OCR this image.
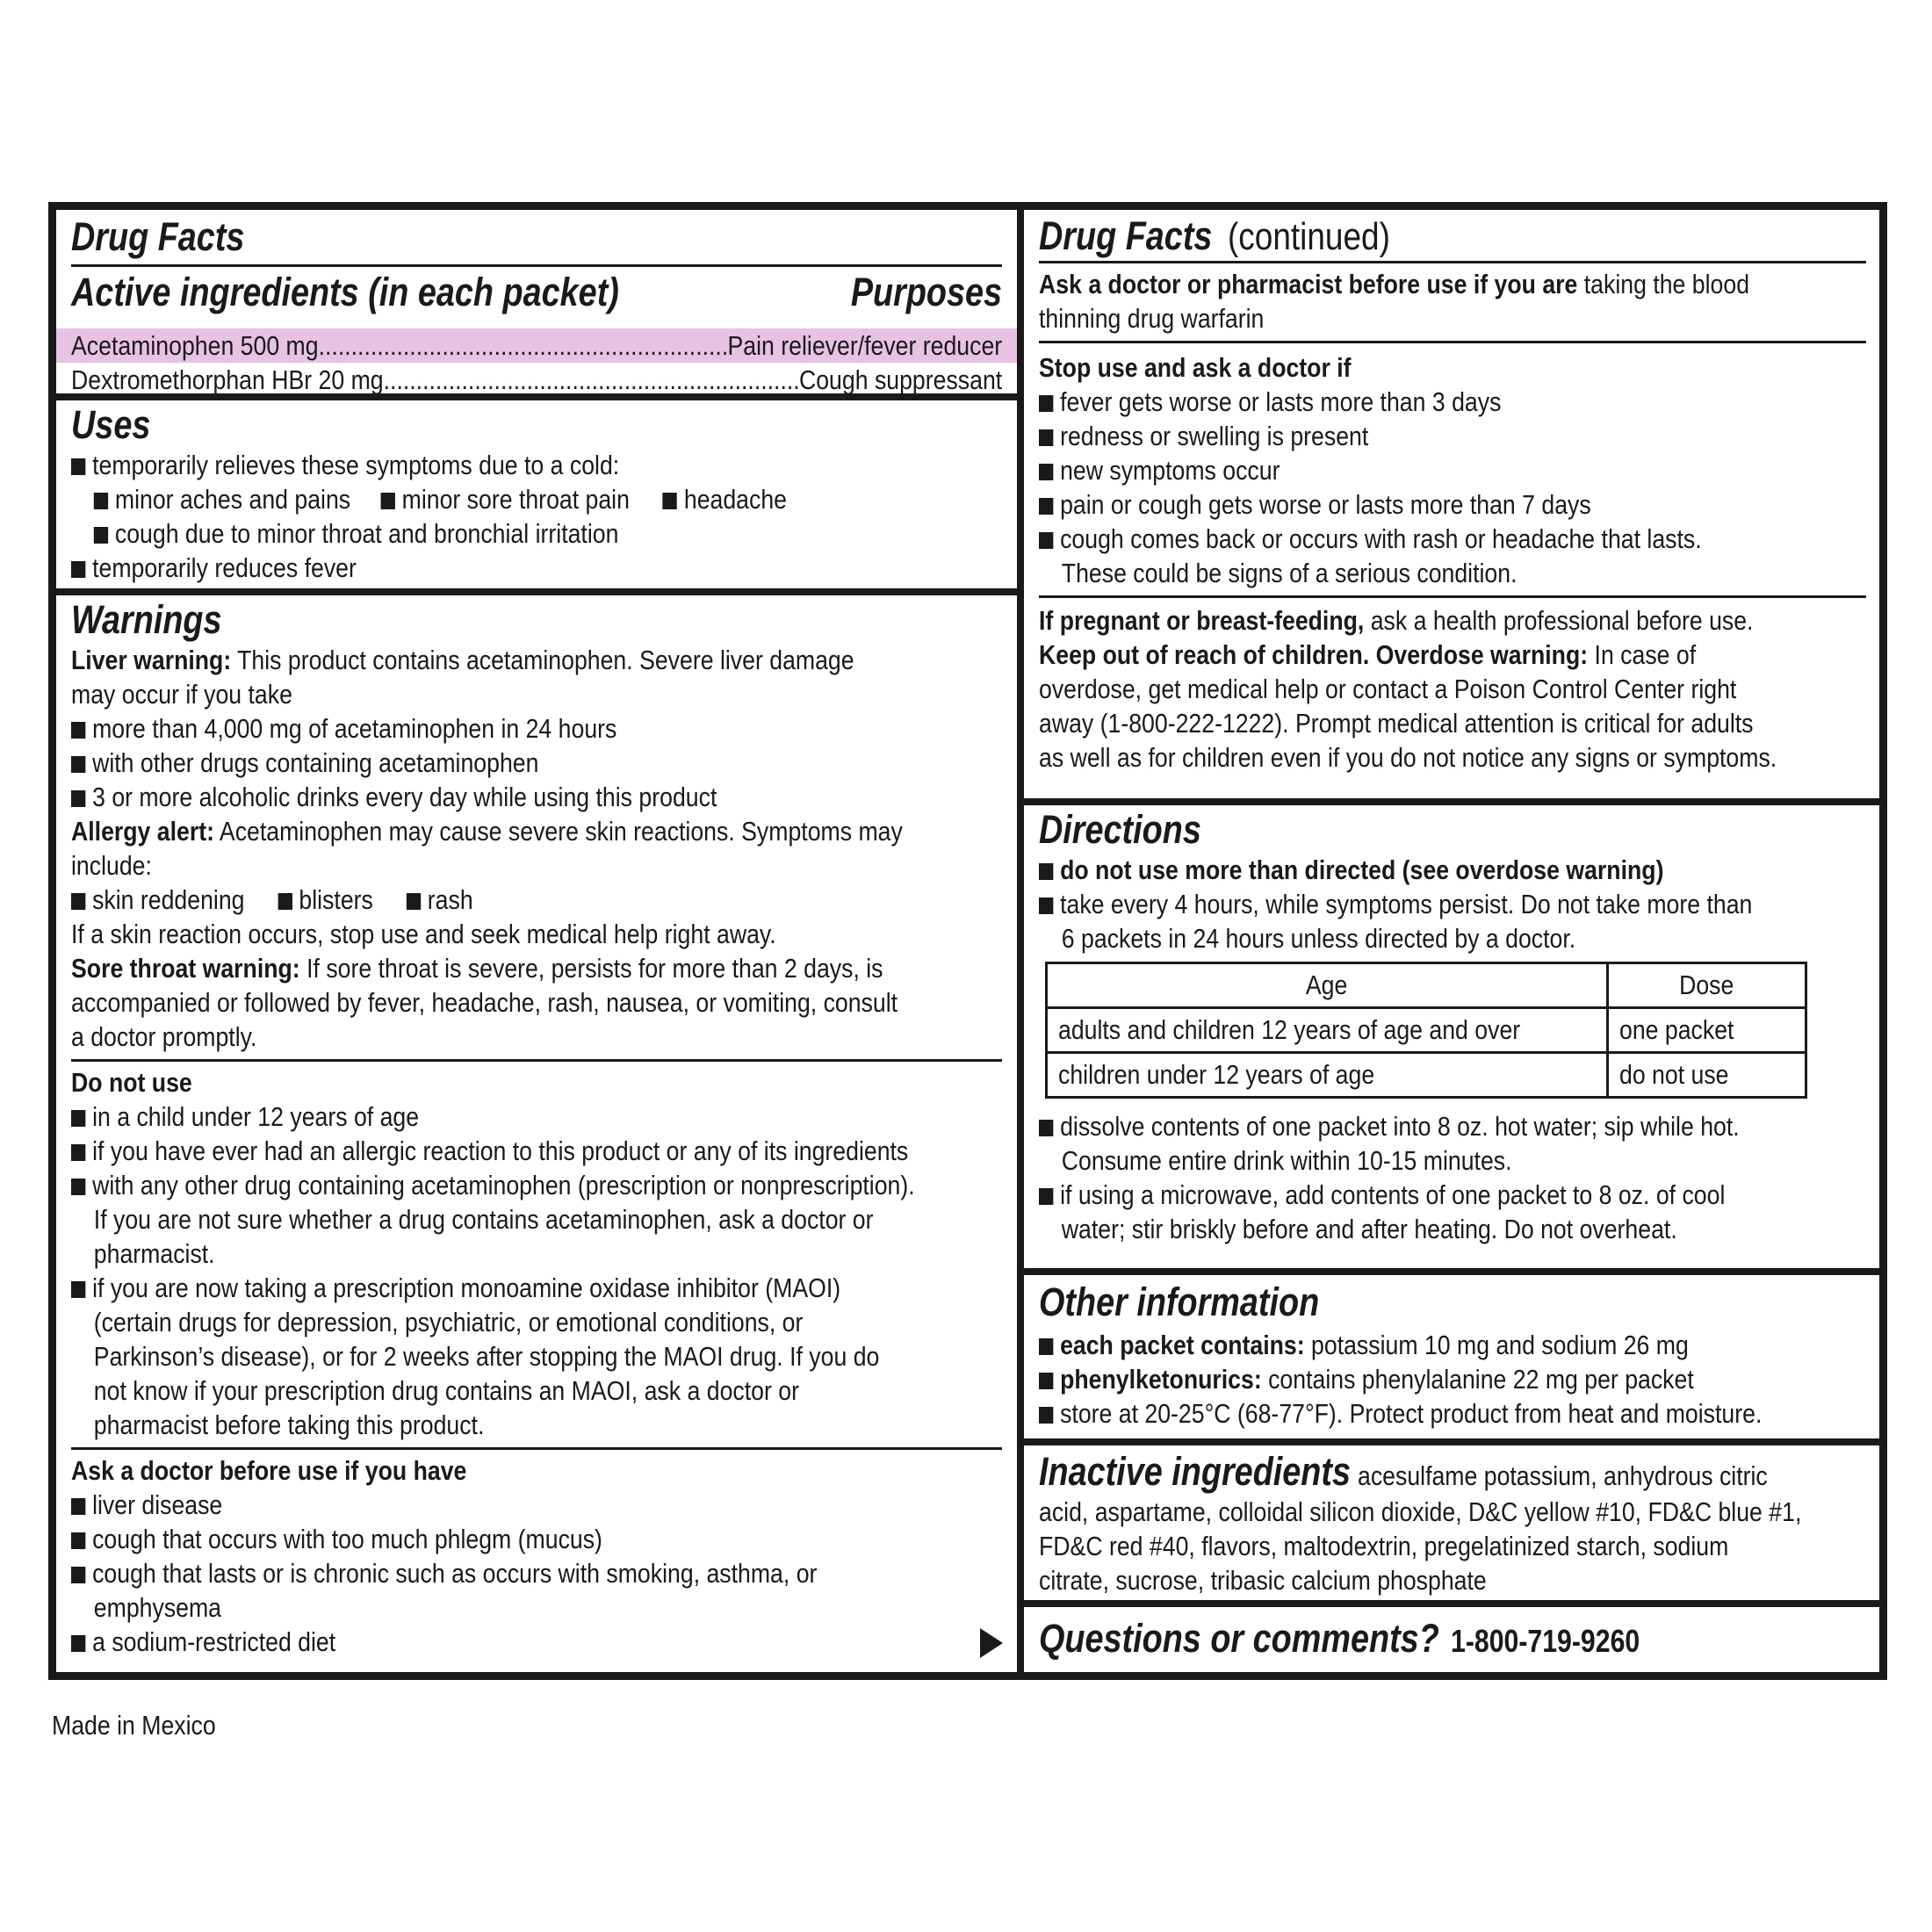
Drug Facts
Active ingredients (in each packet)	Purposes
Acetaminophen 500 mg .....	Pain reliever/fever reducer
Dextromethorphan HBr 20 mg .....	Cough suppressant
Uses
temporarily relieves these symptoms due to a cold:
minor aches and pains minor sore throat pain headache
cough due to minor throat and bronchial irritation
temporarily reduces fever
Warnings
Liver warning: This product contains acetaminophen. Severe liver damage
may occur if you take
more than 4,000 mg of acetaminophen in 24 hours
with other drugs containing acetaminophen
3 or more alcoholic drinks every day while using this product
Allergy alert: Acetaminophen may cause severe skin reactions. Symptoms may
include:
skin reddening blisters rash
If a skin reaction occurs, stop use and seek medical help right away.
Sore throat warning: If sore throat is severe, persists for more than 2 days, is
accompanied or followed by fever, headache, rash, nausea, or vomiting, consult
a doctor promptly.
Do not use
in a child under 12 years of age
if you have ever had an allergic reaction to this product or any of its ingredients
with any other drug containing acetaminophen (prescription or nonprescription).
If you are not sure whether a drug contains acetaminophen, ask a doctor or
pharmacist.
if you are now taking a prescription monoamine oxidase inhibitor (MAOI)
(certain drugs for depression, psychiatric, or emotional conditions, or
Parkinson’s disease), or for 2 weeks after stopping the MAOI drug. If you do
not know if your prescription drug contains an MAOI, ask a doctor or
pharmacist before taking this product.
Ask a doctor before use if you have
liver disease
cough that occurs with too much phlegm (mucus)
cough that lasts or is chronic such as occurs with smoking, asthma, or
emphysema
a sodium-restricted diet
Drug Facts (continued)
Ask a doctor or pharmacist before use if you are taking the blood
thinning drug warfarin
Stop use and ask a doctor if
fever gets worse or lasts more than 3 days
redness or swelling is present
new symptoms occur
pain or cough gets worse or lasts more than 7 days
cough comes back or occurs with rash or headache that lasts.
These could be signs of a serious condition.
If pregnant or breast-feeding, ask a health professional before use.
Keep out of reach of children. Overdose warning: In case of
overdose, get medical help or contact a Poison Control Center right
away (1-800-222-1222). Prompt medical attention is critical for adults
as well as for children even if you do not notice any signs or symptoms.
Directions
do not use more than directed (see overdose warning)
take every 4 hours, while symptoms persist. Do not take more than
6 packets in 24 hours unless directed by a doctor.
Age	Dose
adults and children 12 years of age and over	one packet
children under 12 years of age	do not use
dissolve contents of one packet into 8 oz. hot water; sip while hot.
Consume entire drink within 10-15 minutes.
if using a microwave, add contents of one packet to 8 oz. of cool
water; stir briskly before and after heating. Do not overheat.
Other information
each packet contains: potassium 10 mg and sodium 26 mg
phenylketonurics: contains phenylalanine 22 mg per packet
store at 20-25°C (68-77°F). Protect product from heat and moisture.
Inactive ingredientsacesulfame potassium, anhydrous citric
acid, aspartame, colloidal silicon dioxide, D&C yellow #10, FD&C blue #1,
FD&C red #40, flavors, maltodextrin, pregelatinized starch, sodium
citrate, sucrose, tribasic calcium phosphate
Questions or comments? 1-800-719-9260
Made in Mexico
